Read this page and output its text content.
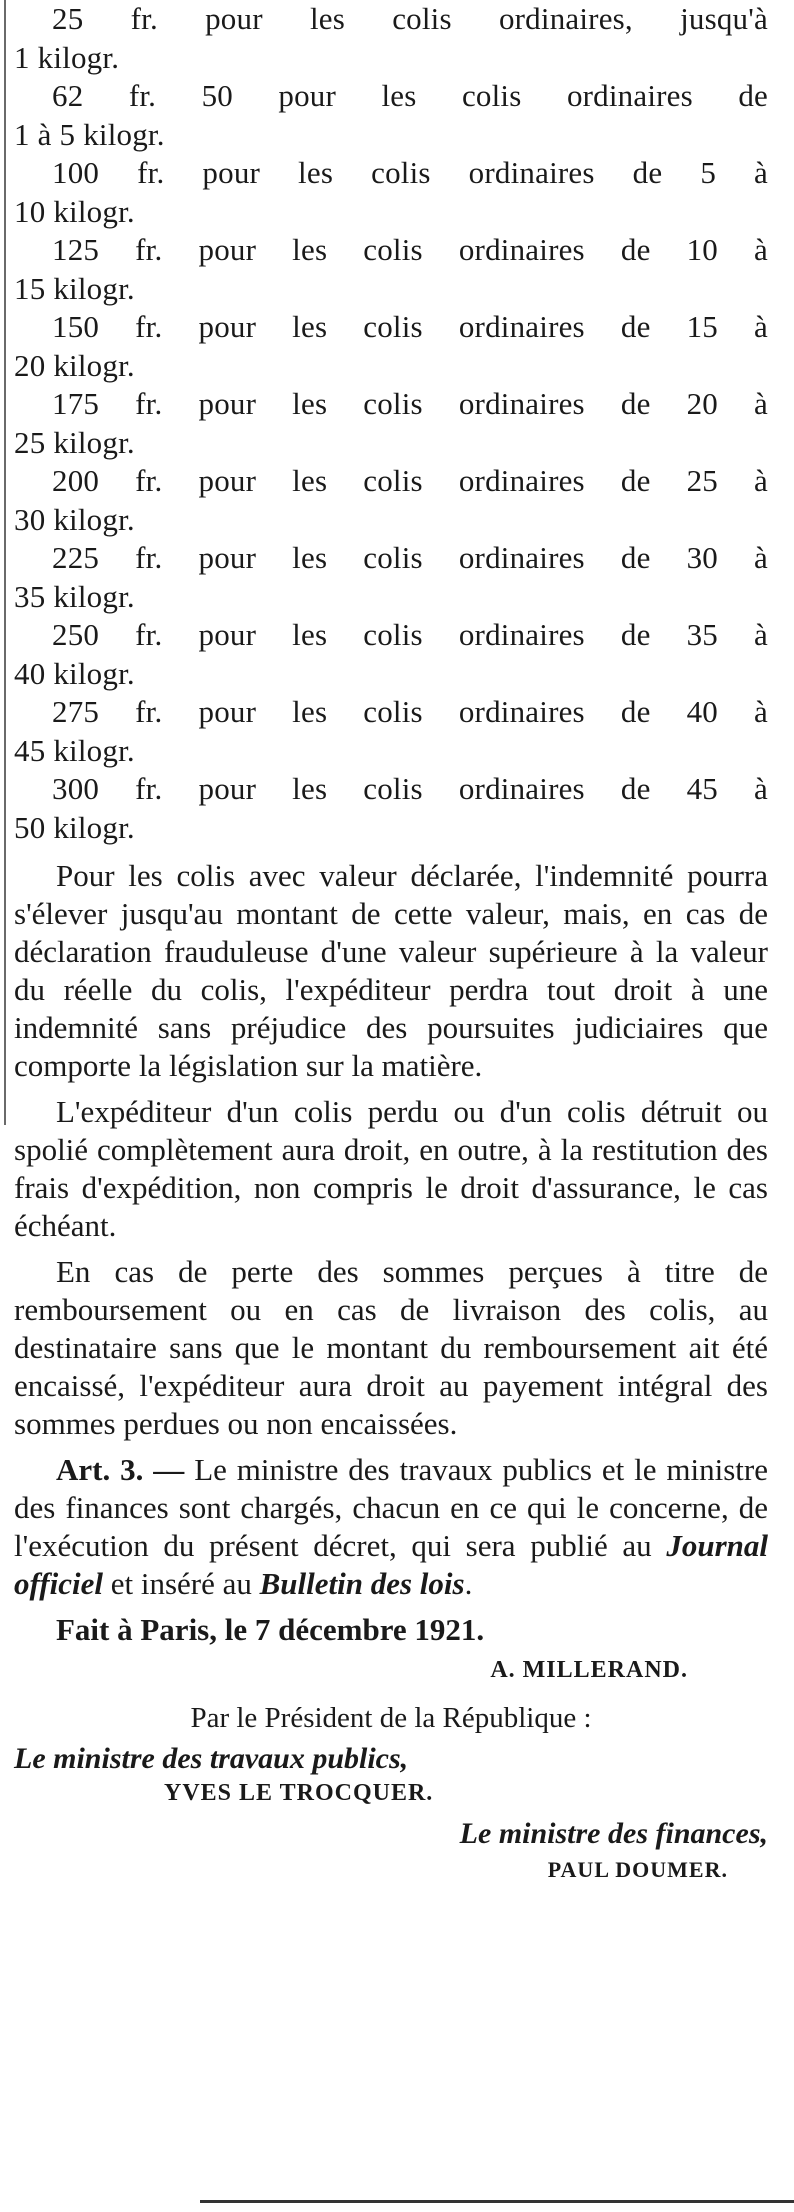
25 fr. pour les colis ordinaires, jusqu'à
1 kilogr.
62 fr. 50 pour les colis ordinaires de
1 à 5 kilogr.
100 fr. pour les colis ordinaires de 5 à
10 kilogr.
125 fr. pour les colis ordinaires de 10 à
15 kilogr.
150 fr. pour les colis ordinaires de 15 à
20 kilogr.
175 fr. pour les colis ordinaires de 20 à
25 kilogr.
200 fr. pour les colis ordinaires de 25 à
30 kilogr.
225 fr. pour les colis ordinaires de 30 à
35 kilogr.
250 fr. pour les colis ordinaires de 35 à
40 kilogr.
275 fr. pour les colis ordinaires de 40 à
45 kilogr.
300 fr. pour les colis ordinaires de 45 à
50 kilogr.

Pour les colis avec valeur déclarée, l'indemnité pourra s'élever jusqu'au montant de cette valeur, mais, en cas de déclaration frauduleuse d'une valeur supérieure à la valeur du réelle du colis, l'expéditeur perdra tout droit à une indemnité sans préjudice des poursuites judiciaires que comporte la législation sur la matière.

L'expéditeur d'un colis perdu ou d'un colis détruit ou spolié complètement aura droit, en outre, à la restitution des frais d'expédition, non compris le droit d'assurance, le cas échéant.

En cas de perte des sommes perçues à titre de remboursement ou en cas de livraison des colis, au destinataire sans que le montant du remboursement ait été encaissé, l'expéditeur aura droit au payement intégral des sommes perdues ou non encaissées.

Art. 3. — Le ministre des travaux publics et le ministre des finances sont chargés, chacun en ce qui le concerne, de l'exécution du présent décret, qui sera publié au Journal officiel et inséré au Bulletin des lois.

Fait à Paris, le 7 décembre 1921.

A. MILLERAND.

Par le Président de la République :

Le ministre des travaux publics,

YVES LE TROCQUER.

Le ministre des finances,

PAUL DOUMER.
